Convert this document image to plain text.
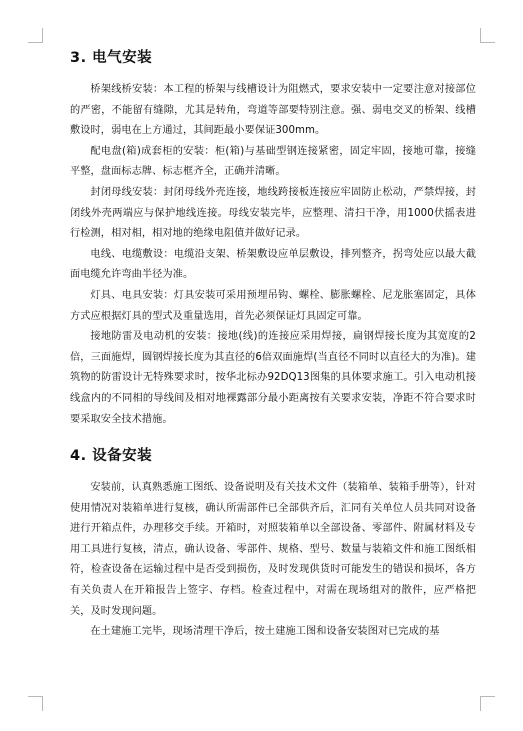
3. 电气安装

桥架线桥安装：本工程的桥架与线槽设计为阻燃式，要求安装中一定要注意对接部位的严密，不能留有缝隙，尤其是转角，弯道等部要特别注意。强、弱电交叉的桥架、线槽敷设时，弱电在上方通过，其间距最小要保证300mm。

配电盘(箱)成套柜的安装：柜(箱)与基础型钢连接紧密，固定牢固，接地可靠，接缝平整，盘面标志牌、标志框齐全，正确并清晰。

封闭母线安装：封闭母线外壳连接，地线跨接板连接应牢固防止松动，严禁焊接，封闭线外壳两端应与保护地线连接。母线安装完毕，应整理、清扫干净，用1000伏摇表进行检测，相对相，相对地的绝缘电阻值并做好记录。

电线、电缆敷设：电缆沿支架、桥架敷设应单层敷设，排列整齐，拐弯处应以最大截面电缆允许弯曲半径为准。

灯具、电具安装：灯具安装可采用预埋吊钩、螺栓、膨胀螺栓、尼龙胀塞固定，具体方式应根据灯具的型式及重量选用，首先必须保证灯具固定可靠。

接地防雷及电动机的安装：接地(线)的连接应采用焊接，扁钢焊接长度为其宽度的2倍，三面施焊，圆钢焊接长度为其直径的6倍双面施焊(当直径不同时以直径大的为准)。建筑物的防雷设计无特殊要求时，按华北标办92DQ13图集的具体要求施工。引入电动机接线盒内的不同相的导线间及相对地裸露部分最小距离按有关要求安装，净距不符合要求时要采取安全技术措施。

4. 设备安装

安装前，认真熟悉施工图纸、设备说明及有关技术文件（装箱单、装箱手册等），针对使用情况对装箱单进行复核，确认所需部件已全部供齐后，汇同有关单位人员共同对设备进行开箱点件，办理移交手续。开箱时，对照装箱单以全部设备、零部件、附属材料及专用工具进行复核，清点，确认设备、零部件、规格、型号、数量与装箱文件和施工图纸相符，检查设备在运输过程中是否受到损伤，及时发现供货时可能发生的错误和损坏，各方有关负责人在开箱报告上签字、存档。检查过程中，对需在现场组对的散件，应严格把关，及时发现问题。

在土建施工完毕，现场清理干净后，按土建施工图和设备安装图对已完成的基
